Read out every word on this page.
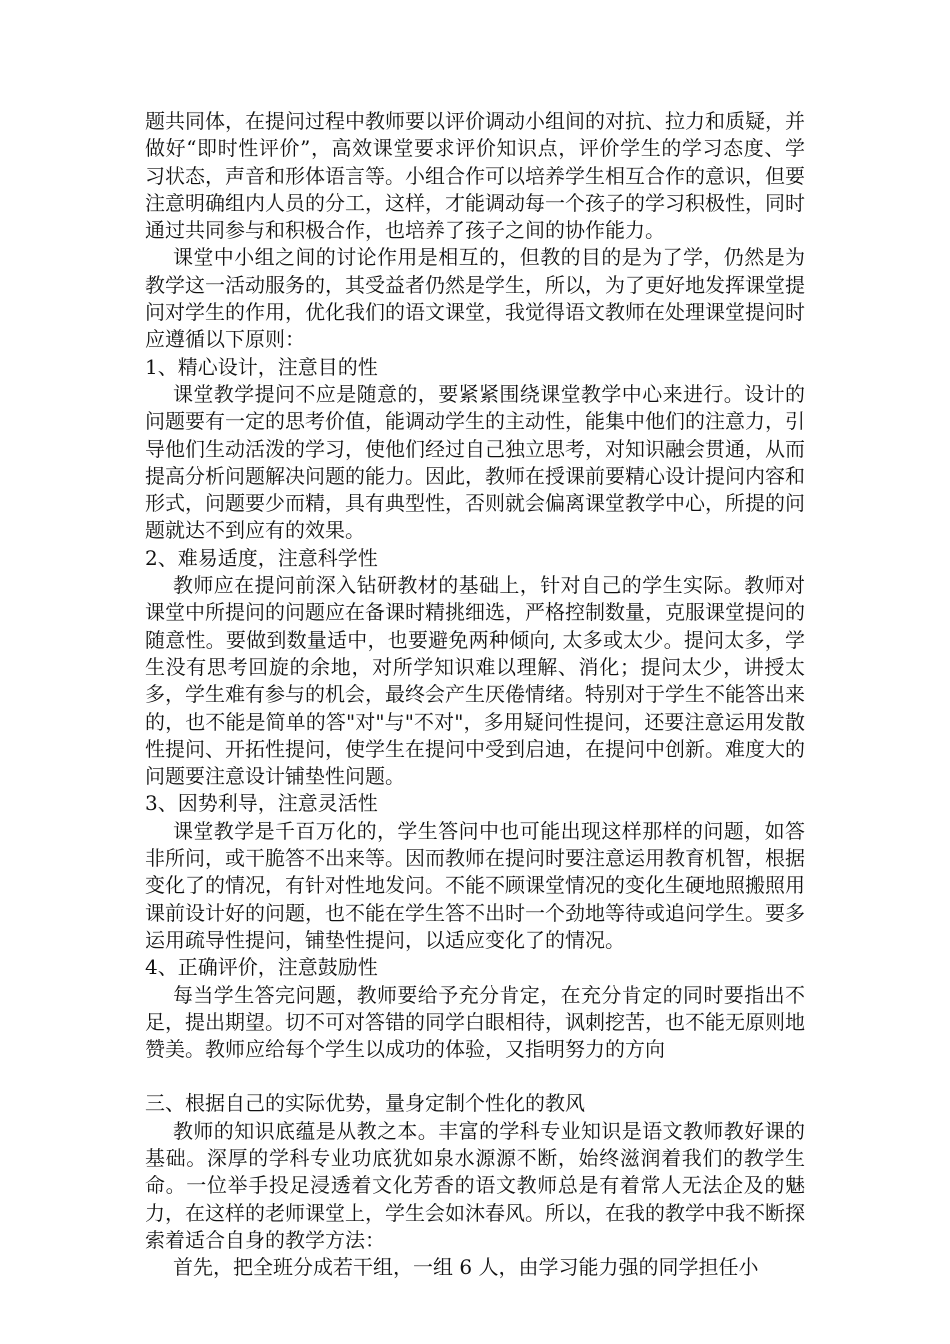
题共同体，在提问过程中教师要以评价调动小组间的对抗、拉力和质疑，并做好“即时性评价”，高效课堂要求评价知识点，评价学生的学习态度、学习状态，声音和形体语言等。小组合作可以培养学生相互合作的意识，但要注意明确组内人员的分工，这样，才能调动每一个孩子的学习积极性，同时通过共同参与和积极合作，也培养了孩子之间的协作能力。

课堂中小组之间的讨论作用是相互的，但教的目的是为了学，仍然是为教学这一活动服务的，其受益者仍然是学生，所以，为了更好地发挥课堂提问对学生的作用，优化我们的语文课堂，我觉得语文教师在处理课堂提问时应遵循以下原则：

1、精心设计，注意目的性

课堂教学提问不应是随意的，要紧紧围绕课堂教学中心来进行。设计的问题要有一定的思考价值，能调动学生的主动性，能集中他们的注意力，引导他们生动活泼的学习，使他们经过自己独立思考，对知识融会贯通，从而提高分析问题解决问题的能力。因此，教师在授课前要精心设计提问内容和形式，问题要少而精，具有典型性，否则就会偏离课堂教学中心，所提的问题就达不到应有的效果。

2、难易适度，注意科学性

教师应在提问前深入钻研教材的基础上，针对自己的学生实际。教师对课堂中所提问的问题应在备课时精挑细选，严格控制数量，克服课堂提问的随意性。要做到数量适中，也要避免两种倾向, 太多或太少。提问太多，学生没有思考回旋的余地，对所学知识难以理解、消化；提问太少，讲授太多，学生难有参与的机会，最终会产生厌倦情绪。特别对于学生不能答出来的，也不能是简单的答"对"与"不对"，多用疑问性提问，还要注意运用发散性提问、开拓性提问，使学生在提问中受到启迪，在提问中创新。难度大的问题要注意设计铺垫性问题。

3、因势利导，注意灵活性

课堂教学是千百万化的，学生答问中也可能出现这样那样的问题，如答非所问，或干脆答不出来等。因而教师在提问时要注意运用教育机智，根据变化了的情况，有针对性地发问。不能不顾课堂情况的变化生硬地照搬照用课前设计好的问题，也不能在学生答不出时一个劲地等待或追问学生。要多运用疏导性提问，铺垫性提问，以适应变化了的情况。

4、正确评价，注意鼓励性

每当学生答完问题，教师要给予充分肯定，在充分肯定的同时要指出不足，提出期望。切不可对答错的同学白眼相待，讽刺挖苦，也不能无原则地赞美。教师应给每个学生以成功的体验，又指明努力的方向

三、根据自己的实际优势，量身定制个性化的教风

教师的知识底蕴是从教之本。丰富的学科专业知识是语文教师教好课的基础。深厚的学科专业功底犹如泉水源源不断，始终滋润着我们的教学生命。一位举手投足浸透着文化芳香的语文教师总是有着常人无法企及的魅力，在这样的老师课堂上，学生会如沐春风。所以，在我的教学中我不断探索着适合自身的教学方法：

首先，把全班分成若干组，一组 6 人，由学习能力强的同学担任小
